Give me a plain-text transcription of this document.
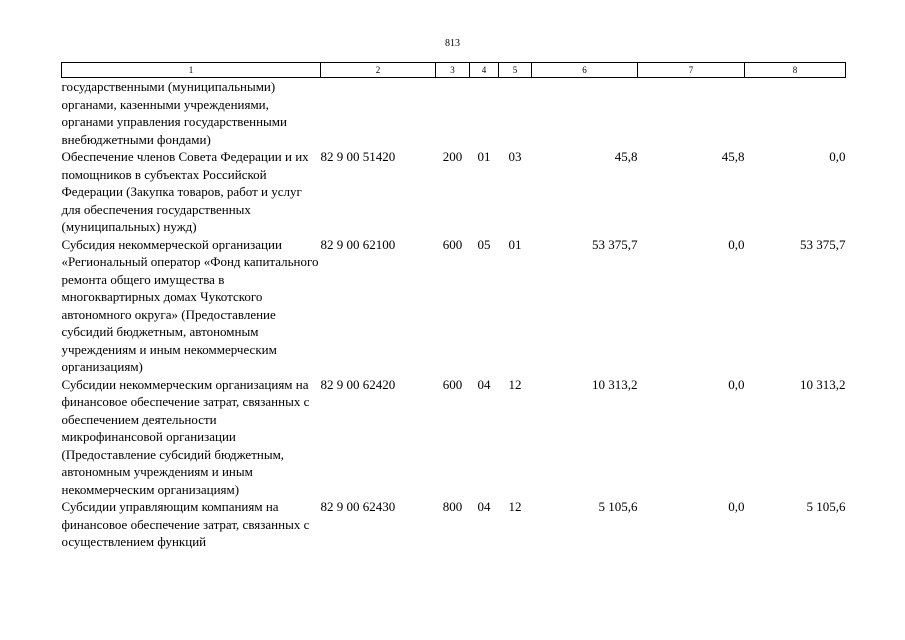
813
1	2	3	4	5	6	7	8
государственными (муниципальными) органами, казенными учреждениями, органами управления государственными внебюджетными фондами)							
Обеспечение членов Совета Федерации и их помощников в субъектах Российской Федерации (Закупка товаров, работ и услуг для обеспечения государственных (муниципальных) нужд)	82 9 00 51420	200	01	03	45,8	45,8	0,0
Субсидия некоммерческой организации «Региональный оператор «Фонд капитального ремонта общего имущества в многоквартирных домах Чукотского автономного округа» (Предоставление субсидий бюджетным, автономным учреждениям и иным некоммерческим организациям)	82 9 00 62100	600	05	01	53 375,7	0,0	53 375,7
Субсидии некоммерческим организациям на финансовое обеспечение затрат, связанных с обеспечением деятельности микрофинансовой организации (Предоставление субсидий бюджетным, автономным учреждениям и иным некоммерческим организациям)	82 9 00 62420	600	04	12	10 313,2	0,0	10 313,2
Субсидии управляющим компаниям на финансовое обеспечение затрат, связанных с осуществлением функций	82 9 00 62430	800	04	12	5 105,6	0,0	5 105,6
